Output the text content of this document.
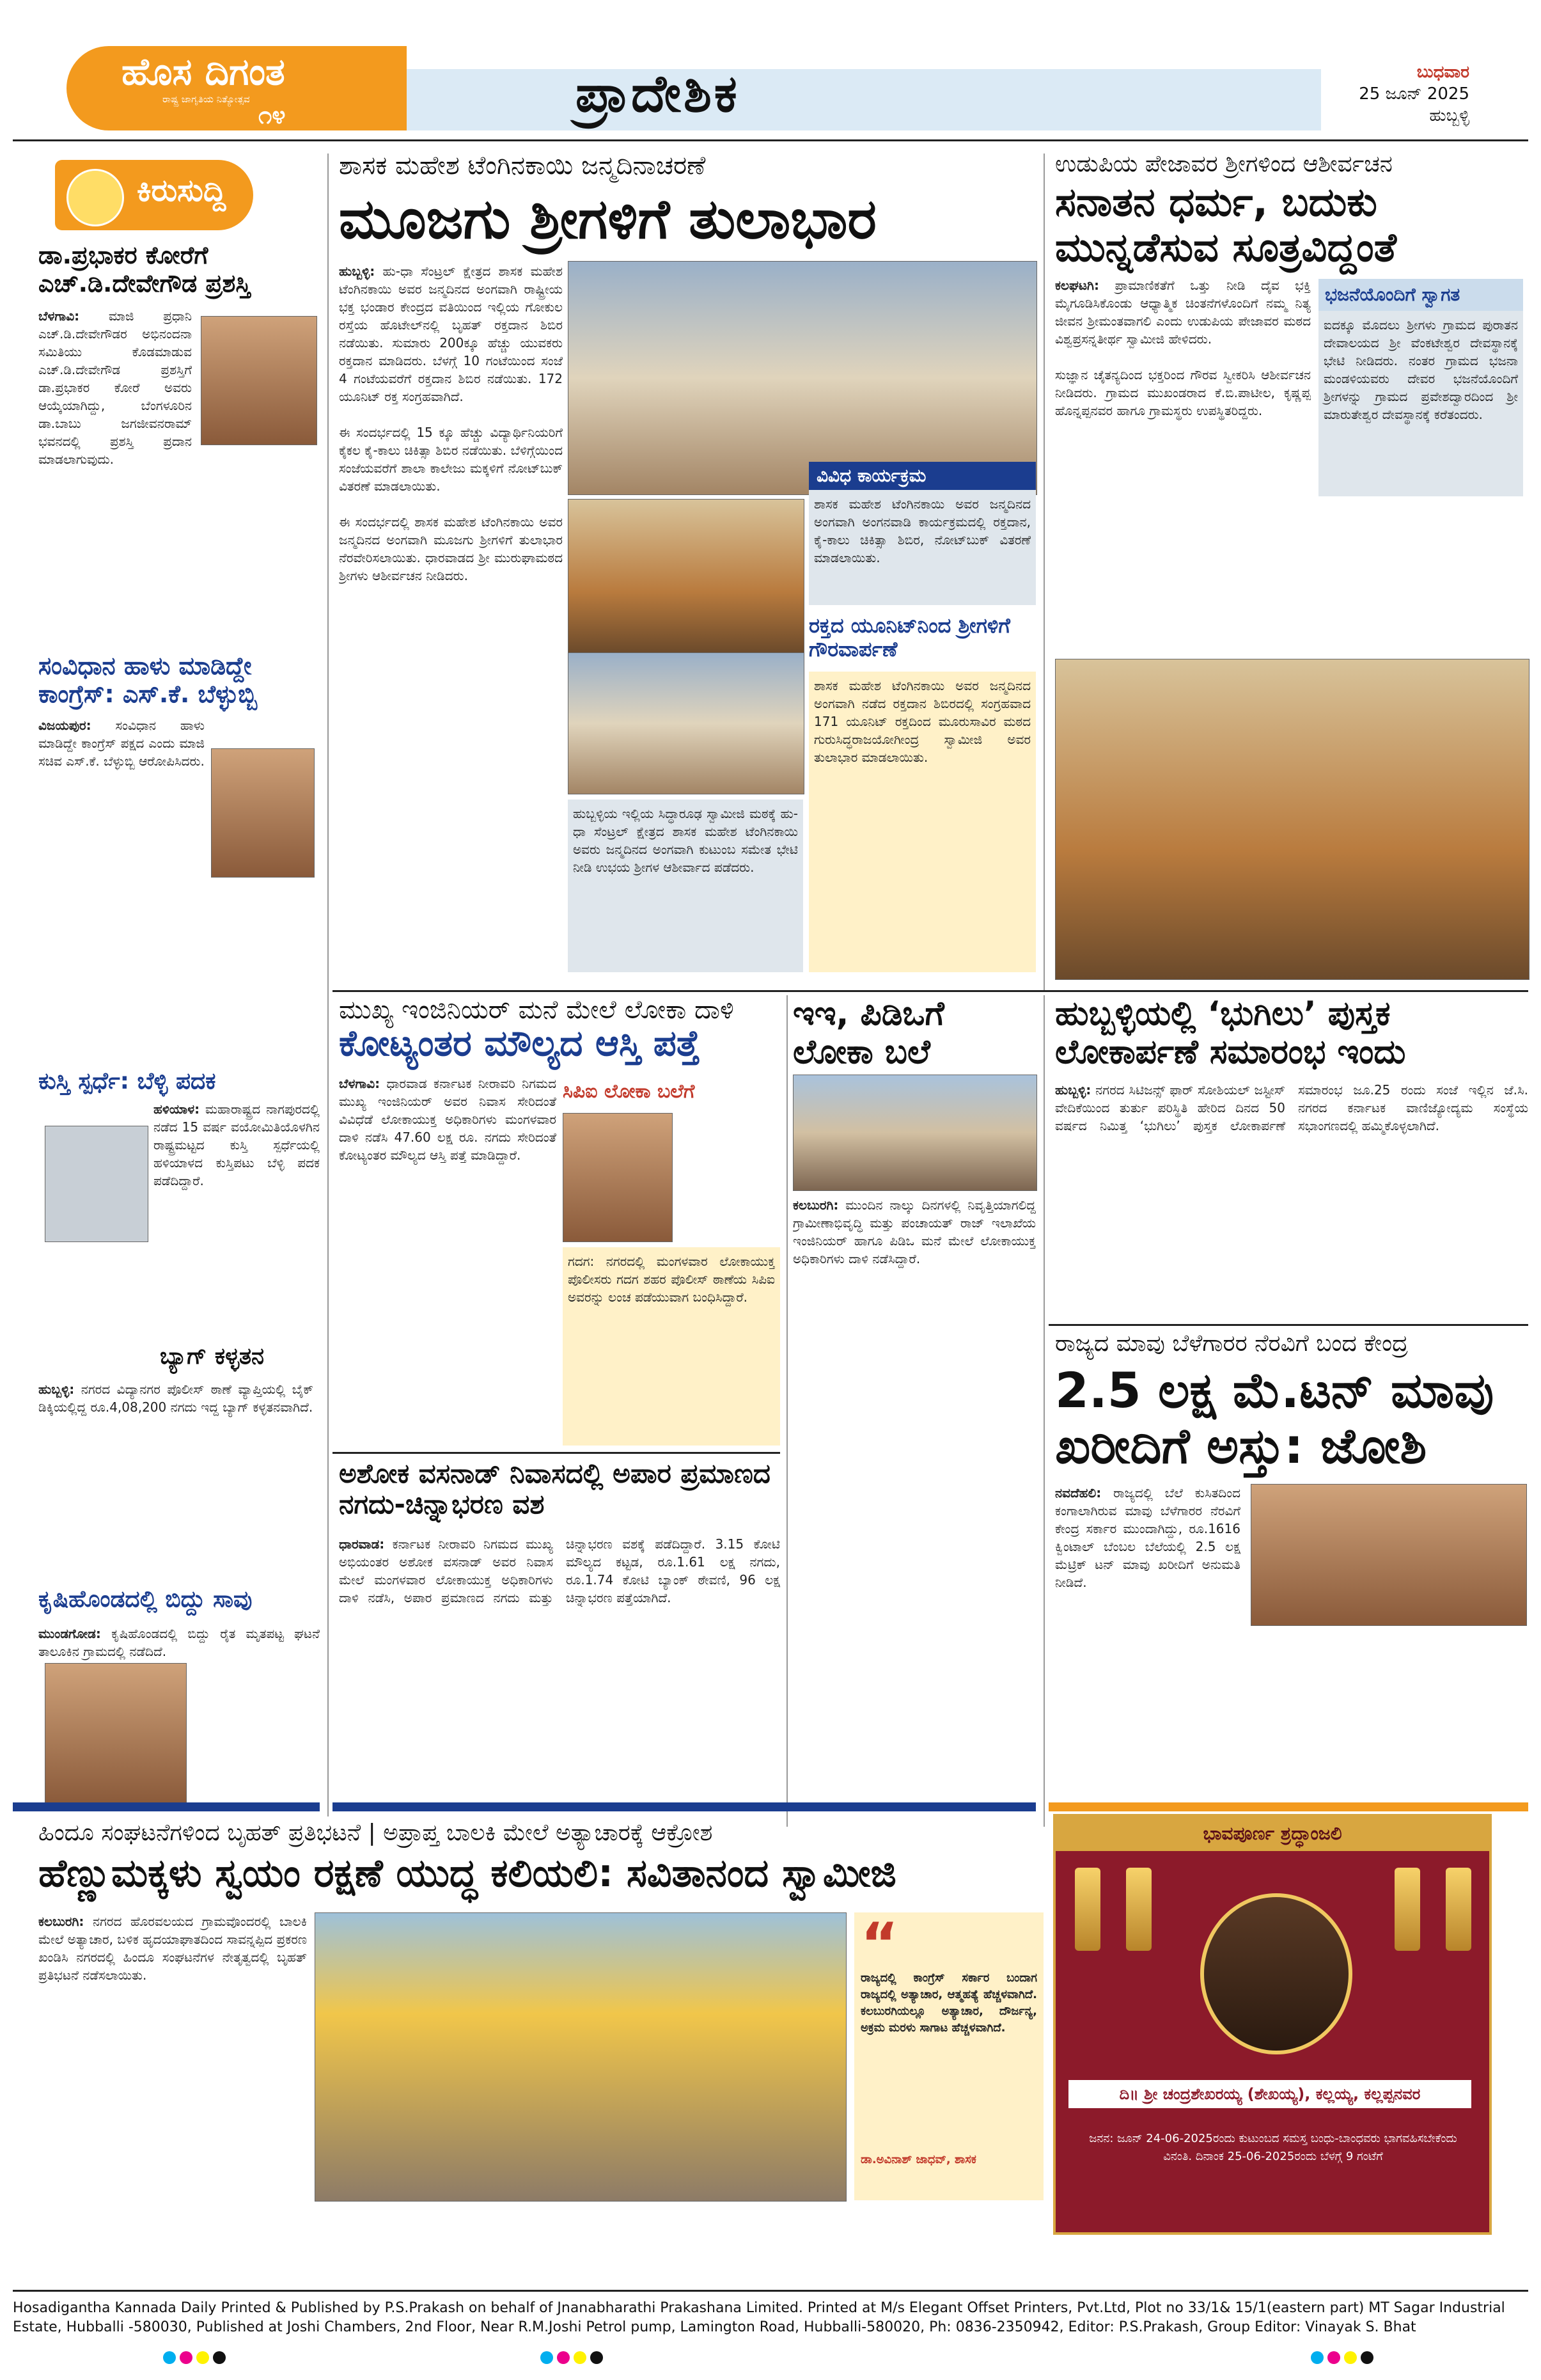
ಹೊಸ ದಿಗಂತ
ರಾಷ್ಟ್ರ ಜಾಗೃತಿಯ ನಿತ್ಯೋತ್ಸವ
೧೪	ಪ್ರಾದೇಶಿಕ	ಬುಧವಾರ
25 ಜೂನ್ 2025
ಹುಬ್ಬಳ್ಳಿ
ಕಿರುಸುದ್ದಿ
ಡಾ.ಪ್ರಭಾಕರ ಕೋರೆಗೆ ಎಚ್.ಡಿ.ದೇವೇಗೌಡ ಪ್ರಶಸ್ತಿ
ಬೆಳಗಾವಿ: ಮಾಜಿ ಪ್ರಧಾನಿ ಎಚ್.ಡಿ.ದೇವೇಗೌಡರ ಅಭಿನಂದನಾ ಸಮಿತಿಯು ಕೊಡಮಾಡುವ ಎಚ್.ಡಿ.ದೇವೇಗೌಡ ಪ್ರಶಸ್ತಿಗೆ ಡಾ.ಪ್ರಭಾಕರ ಕೋರೆ ಅವರು ಆಯ್ಕೆಯಾಗಿದ್ದು, ಬೆಂಗಳೂರಿನ ಡಾ.ಬಾಬು ಜಗಜೀವನರಾಮ್ ಭವನದಲ್ಲಿ ಪ್ರಶಸ್ತಿ ಪ್ರದಾನ ಮಾಡಲಾಗುವುದು.
ಸಂವಿಧಾನ ಹಾಳು ಮಾಡಿದ್ದೇ ಕಾಂಗ್ರೆಸ್: ಎಸ್.ಕೆ. ಬೆಳ್ಳುಬ್ಬಿ
ವಿಜಯಪುರ: ಸಂವಿಧಾನ ಹಾಳು ಮಾಡಿದ್ದೇ ಕಾಂಗ್ರೆಸ್ ಪಕ್ಷದ ಎಂದು ಮಾಜಿ ಸಚಿವ ಎಸ್.ಕೆ. ಬೆಳ್ಳುಬ್ಬಿ ಆರೋಪಿಸಿದರು.
ಕುಸ್ತಿ ಸ್ಪರ್ಧೆ: ಬೆಳ್ಳಿ ಪದಕ
ಹಳಿಯಾಳ: ಮಹಾರಾಷ್ಟ್ರದ ನಾಗಪುರದಲ್ಲಿ ನಡೆದ 15 ವರ್ಷ ವಯೋಮಿತಿಯೊಳಗಿನ ರಾಷ್ಟ್ರಮಟ್ಟದ ಕುಸ್ತಿ ಸ್ಪರ್ಧೆಯಲ್ಲಿ ಹಳಿಯಾಳದ ಕುಸ್ತಿಪಟು ಬೆಳ್ಳಿ ಪದಕ ಪಡೆದಿದ್ದಾರೆ.
ಬ್ಯಾಗ್ ಕಳ್ಳತನ
ಹುಬ್ಬಳ್ಳಿ: ನಗರದ ವಿದ್ಯಾನಗರ ಪೊಲೀಸ್ ಠಾಣೆ ವ್ಯಾಪ್ತಿಯಲ್ಲಿ ಬೈಕ್ ಡಿಕ್ಕಿಯಲ್ಲಿದ್ದ ರೂ.4,08,200 ನಗದು ಇದ್ದ ಬ್ಯಾಗ್ ಕಳ್ಳತನವಾಗಿದೆ.
ಕೃಷಿಹೊಂಡದಲ್ಲಿ ಬಿದ್ದು ಸಾವು
ಮುಂಡಗೋಡ: ಕೃಷಿಹೊಂಡದಲ್ಲಿ ಬಿದ್ದು ರೈತ ಮೃತಪಟ್ಟ ಘಟನೆ ತಾಲೂಕಿನ ಗ್ರಾಮದಲ್ಲಿ ನಡೆದಿದೆ.
ಶಾಸಕ ಮಹೇಶ ಟೆಂಗಿನಕಾಯಿ ಜನ್ಮದಿನಾಚರಣೆ
ಮೂಜಗು ಶ್ರೀಗಳಿಗೆ ತುಲಾಭಾರ
ಹುಬ್ಬಳ್ಳಿ: ಹು-ಧಾ ಸೆಂಟ್ರಲ್ ಕ್ಷೇತ್ರದ ಶಾಸಕ ಮಹೇಶ ಟೆಂಗಿನಕಾಯಿ ಅವರ ಜನ್ಮದಿನದ ಅಂಗವಾಗಿ ರಾಷ್ಟ್ರೀಯ ಭಕ್ತ ಭಂಡಾರ ಕೇಂದ್ರದ ವತಿಯಿಂದ ಇಲ್ಲಿಯ ಗೋಕುಲ ರಸ್ತೆಯ ಹೊಟೇಲ್‌ನಲ್ಲಿ ಬೃಹತ್ ರಕ್ತದಾನ ಶಿಬಿರ ನಡೆಯಿತು. ಸುಮಾರು 200ಕ್ಕೂ ಹೆಚ್ಚು ಯುವಕರು ರಕ್ತದಾನ ಮಾಡಿದರು. ಬೆಳಗ್ಗೆ 10 ಗಂಟೆಯಿಂದ ಸಂಜೆ 4 ಗಂಟೆಯವರೆಗೆ ರಕ್ತದಾನ ಶಿಬಿರ ನಡೆಯಿತು. 172 ಯೂನಿಟ್ ರಕ್ತ ಸಂಗ್ರಹವಾಗಿದೆ.

ಈ ಸಂದರ್ಭದಲ್ಲಿ 15 ಕ್ಕೂ ಹೆಚ್ಚು ವಿದ್ಯಾರ್ಥಿನಿಯರಿಗೆ ಕೈಕಲ ಕೈ-ಕಾಲು ಚಿಕಿತ್ಸಾ ಶಿಬಿರ ನಡೆಯಿತು. ಬೆಳಿಗ್ಗೆಯಿಂದ ಸಂಜೆಯವರೆಗೆ ಶಾಲಾ ಕಾಲೇಜು ಮಕ್ಕಳಿಗೆ ನೋಟ್‌ಬುಕ್ ವಿತರಣೆ ಮಾಡಲಾಯಿತು.

ಈ ಸಂದರ್ಭದಲ್ಲಿ ಶಾಸಕ ಮಹೇಶ ಟೆಂಗಿನಕಾಯಿ ಅವರ ಜನ್ಮದಿನದ ಅಂಗವಾಗಿ ಮೂಜಗು ಶ್ರೀಗಳಿಗೆ ತುಲಾಭಾರ ನೆರವೇರಿಸಲಾಯಿತು. ಧಾರವಾಡದ ಶ್ರೀ ಮುರುಘಾಮಠದ ಶ್ರೀಗಳು ಆಶೀರ್ವಚನ ನೀಡಿದರು.
ವಿವಿಧ ಕಾರ್ಯಕ್ರಮ
ಶಾಸಕ ಮಹೇಶ ಟೆಂಗಿನಕಾಯಿ ಅವರ ಜನ್ಮದಿನದ ಅಂಗವಾಗಿ ಅಂಗನವಾಡಿ ಕಾರ್ಯಕ್ರಮದಲ್ಲಿ ರಕ್ತದಾನ, ಕೈ-ಕಾಲು ಚಿಕಿತ್ಸಾ ಶಿಬಿರ, ನೋಟ್‌ಬುಕ್ ವಿತರಣೆ ಮಾಡಲಾಯಿತು.
ಹುಬ್ಬಳ್ಳಿಯ ಇಲ್ಲಿಯ ಸಿದ್ಧಾರೂಢ ಸ್ವಾಮೀಜಿ ಮಠಕ್ಕೆ ಹು-ಧಾ ಸೆಂಟ್ರಲ್ ಕ್ಷೇತ್ರದ ಶಾಸಕ ಮಹೇಶ ಟೆಂಗಿನಕಾಯಿ ಅವರು ಜನ್ಮದಿನದ ಅಂಗವಾಗಿ ಕುಟುಂಬ ಸಮೇತ ಭೇಟಿ ನೀಡಿ ಉಭಯ ಶ್ರೀಗಳ ಆಶೀರ್ವಾದ ಪಡೆದರು.
ರಕ್ತದ ಯೂನಿಟ್‌ನಿಂದ ಶ್ರೀಗಳಿಗೆ ಗೌರವಾರ್ಪಣೆ
ಶಾಸಕ ಮಹೇಶ ಟೆಂಗಿನಕಾಯಿ ಅವರ ಜನ್ಮದಿನದ ಅಂಗವಾಗಿ ನಡೆದ ರಕ್ತದಾನ ಶಿಬಿರದಲ್ಲಿ ಸಂಗ್ರಹವಾದ 171 ಯೂನಿಟ್ ರಕ್ತದಿಂದ ಮೂರುಸಾವಿರ ಮಠದ ಗುರುಸಿದ್ಧರಾಜಯೋಗೀಂದ್ರ ಸ್ವಾಮೀಜಿ ಅವರ ತುಲಾಭಾರ ಮಾಡಲಾಯಿತು.
ಉಡುಪಿಯ ಪೇಜಾವರ ಶ್ರೀಗಳಿಂದ ಆಶೀರ್ವಚನ
ಸನಾತನ ಧರ್ಮ, ಬದುಕು ಮುನ್ನಡೆಸುವ ಸೂತ್ರವಿದ್ದಂತೆ
ಕಲಘಟಗಿ: ಪ್ರಾಮಾಣಿಕತೆಗೆ ಒತ್ತು ನೀಡಿ ದೈವ ಭಕ್ತಿ ಮೈಗೂಡಿಸಿಕೊಂಡು ಆಧ್ಯಾತ್ಮಿಕ ಚಿಂತನೆಗಳೊಂದಿಗೆ ನಮ್ಮ ನಿತ್ಯ ಜೀವನ ಶ್ರೀಮಂತವಾಗಲಿ ಎಂದು ಉಡುಪಿಯ ಪೇಜಾವರ ಮಠದ ವಿಶ್ವಪ್ರಸನ್ನತೀರ್ಥ ಸ್ವಾಮೀಜಿ ಹೇಳಿದರು.

ಸುಜ್ಞಾನ ಚೈತನ್ಯದಿಂದ ಭಕ್ತರಿಂದ ಗೌರವ ಸ್ವೀಕರಿಸಿ ಆಶೀರ್ವಚನ ನೀಡಿದರು. ಗ್ರಾಮದ ಮುಖಂಡರಾದ ಕೆ.ಬಿ.ಪಾಟೀಲ, ಕೃಷ್ಣಪ್ಪ ಹೊನ್ನಪ್ಪನವರ ಹಾಗೂ ಗ್ರಾಮಸ್ಥರು ಉಪಸ್ಥಿತರಿದ್ದರು.
ಭಜನೆಯೊಂದಿಗೆ ಸ್ವಾಗತ
ಐದಕ್ಕೂ ಮೊದಲು ಶ್ರೀಗಳು ಗ್ರಾಮದ ಪುರಾತನ ದೇವಾಲಯದ ಶ್ರೀ ವೆಂಕಟೇಶ್ವರ ದೇವಸ್ಥಾನಕ್ಕೆ ಭೇಟಿ ನೀಡಿದರು. ನಂತರ ಗ್ರಾಮದ ಭಜನಾ ಮಂಡಳಿಯವರು ದೇವರ ಭಜನೆಯೊಂದಿಗೆ ಶ್ರೀಗಳನ್ನು ಗ್ರಾಮದ ಪ್ರವೇಶದ್ವಾರದಿಂದ ಶ್ರೀ ಮಾರುತೇಶ್ವರ ದೇವಸ್ಥಾನಕ್ಕೆ ಕರೆತಂದರು.
ಮುಖ್ಯ ಇಂಜಿನಿಯರ್ ಮನೆ ಮೇಲೆ ಲೋಕಾ ದಾಳಿ
ಕೋಟ್ಯಂತರ ಮೌಲ್ಯದ ಆಸ್ತಿ ಪತ್ತೆ
ಬೆಳಗಾವಿ: ಧಾರವಾಡ ಕರ್ನಾಟಕ ನೀರಾವರಿ ನಿಗಮದ ಮುಖ್ಯ ಇಂಜಿನಿಯರ್ ಅವರ ನಿವಾಸ ಸೇರಿದಂತೆ ವಿವಿಧೆಡೆ ಲೋಕಾಯುಕ್ತ ಅಧಿಕಾರಿಗಳು ಮಂಗಳವಾರ ದಾಳಿ ನಡೆಸಿ 47.60 ಲಕ್ಷ ರೂ. ನಗದು ಸೇರಿದಂತೆ ಕೋಟ್ಯಂತರ ಮೌಲ್ಯದ ಆಸ್ತಿ ಪತ್ತೆ ಮಾಡಿದ್ದಾರೆ.
ಸಿಪಿಐ ಲೋಕಾ ಬಲೆಗೆ
ಗದಗ: ನಗರದಲ್ಲಿ ಮಂಗಳವಾರ ಲೋಕಾಯುಕ್ತ ಪೊಲೀಸರು ಗದಗ ಶಹರ ಪೊಲೀಸ್ ಠಾಣೆಯ ಸಿಪಿಐ ಅವರನ್ನು ಲಂಚ ಪಡೆಯುವಾಗ ಬಂಧಿಸಿದ್ದಾರೆ.
ಇಇ, ಪಿಡಿಒಗೆ ಲೋಕಾ ಬಲೆ
ಕಲಬುರಗಿ: ಮುಂದಿನ ನಾಲ್ಕು ದಿನಗಳಲ್ಲಿ ನಿವೃತ್ತಿಯಾಗಲಿದ್ದ ಗ್ರಾಮೀಣಾಭಿವೃದ್ಧಿ ಮತ್ತು ಪಂಚಾಯತ್ ರಾಜ್ ಇಲಾಖೆಯ ಇಂಜಿನಿಯರ್ ಹಾಗೂ ಪಿಡಿಒ ಮನೆ ಮೇಲೆ ಲೋಕಾಯುಕ್ತ ಅಧಿಕಾರಿಗಳು ದಾಳಿ ನಡೆಸಿದ್ದಾರೆ.
ಅಶೋಕ ವಸನಾಡ್ ನಿವಾಸದಲ್ಲಿ ಅಪಾರ ಪ್ರಮಾಣದ ನಗದು-ಚಿನ್ನಾಭರಣ ವಶ
ಧಾರವಾಡ: ಕರ್ನಾಟಕ ನೀರಾವರಿ ನಿಗಮದ ಮುಖ್ಯ ಅಭಿಯಂತರ ಅಶೋಕ ವಸನಾಡ್ ಅವರ ನಿವಾಸ ಮೇಲೆ ಮಂಗಳವಾರ ಲೋಕಾಯುಕ್ತ ಅಧಿಕಾರಿಗಳು ದಾಳಿ ನಡೆಸಿ, ಅಪಾರ ಪ್ರಮಾಣದ ನಗದು ಮತ್ತು ಚಿನ್ನಾಭರಣ ವಶಕ್ಕೆ ಪಡೆದಿದ್ದಾರೆ. 3.15 ಕೋಟಿ ಮೌಲ್ಯದ ಕಟ್ಟಡ, ರೂ.1.61 ಲಕ್ಷ ನಗದು, ರೂ.1.74 ಕೋಟಿ ಬ್ಯಾಂಕ್ ಠೇವಣಿ, 96 ಲಕ್ಷ ಚಿನ್ನಾಭರಣ ಪತ್ತೆಯಾಗಿದೆ.
ಹುಬ್ಬಳ್ಳಿಯಲ್ಲಿ ‘ಭುಗಿಲು’ ಪುಸ್ತಕ ಲೋಕಾರ್ಪಣೆ ಸಮಾರಂಭ ಇಂದು
ಹುಬ್ಬಳ್ಳಿ: ನಗರದ ಸಿಟಿಜನ್ಸ್ ಫಾರ್ ಸೋಶಿಯಲ್ ಜಸ್ಟೀಸ್ ವೇದಿಕೆಯಿಂದ ತುರ್ತು ಪರಿಸ್ಥಿತಿ ಹೇರಿದ ದಿನದ 50 ವರ್ಷದ ನಿಮಿತ್ತ ‘ಭುಗಿಲು’ ಪುಸ್ತಕ ಲೋಕಾರ್ಪಣೆ ಸಮಾರಂಭ ಜೂ.25 ರಂದು ಸಂಜೆ ಇಲ್ಲಿನ ಜೆ.ಸಿ. ನಗರದ ಕರ್ನಾಟಕ ವಾಣಿಜ್ಯೋದ್ಯಮ ಸಂಸ್ಥೆಯ ಸಭಾಂಗಣದಲ್ಲಿ ಹಮ್ಮಿಕೊಳ್ಳಲಾಗಿದೆ.
ರಾಜ್ಯದ ಮಾವು ಬೆಳೆಗಾರರ ನೆರವಿಗೆ ಬಂದ ಕೇಂದ್ರ
2.5 ಲಕ್ಷ ಮೆ.ಟನ್ ಮಾವು ಖರೀದಿಗೆ ಅಸ್ತು: ಜೋಶಿ
ನವದೆಹಲಿ: ರಾಜ್ಯದಲ್ಲಿ ಬೆಲೆ ಕುಸಿತದಿಂದ ಕಂಗಾಲಾಗಿರುವ ಮಾವು ಬೆಳೆಗಾರರ ನೆರವಿಗೆ ಕೇಂದ್ರ ಸರ್ಕಾರ ಮುಂದಾಗಿದ್ದು, ರೂ.1616 ಕ್ವಿಂಟಾಲ್ ಬೆಂಬಲ ಬೆಲೆಯಲ್ಲಿ 2.5 ಲಕ್ಷ ಮೆಟ್ರಿಕ್ ಟನ್ ಮಾವು ಖರೀದಿಗೆ ಅನುಮತಿ ನೀಡಿದೆ.
ಹಿಂದೂ ಸಂಘಟನೆಗಳಿಂದ ಬೃಹತ್ ಪ್ರತಿಭಟನೆ | ಅಪ್ರಾಪ್ತ ಬಾಲಕಿ ಮೇಲೆ ಅತ್ಯಾಚಾರಕ್ಕೆ ಆಕ್ರೋಶ
ಹೆಣ್ಣುಮಕ್ಕಳು ಸ್ವಯಂ ರಕ್ಷಣೆ ಯುದ್ಧ ಕಲಿಯಲಿ: ಸವಿತಾನಂದ ಸ್ವಾಮೀಜಿ
ಕಲಬುರಗಿ: ನಗರದ ಹೊರವಲಯದ ಗ್ರಾಮವೊಂದರಲ್ಲಿ ಬಾಲಕಿ ಮೇಲೆ ಅತ್ಯಾಚಾರ, ಬಳಿಕ ಹೃದಯಾಘಾತದಿಂದ ಸಾವನ್ನಪ್ಪಿದ ಪ್ರಕರಣ ಖಂಡಿಸಿ ನಗರದಲ್ಲಿ ಹಿಂದೂ ಸಂಘಟನೆಗಳ ನೇತೃತ್ವದಲ್ಲಿ ಬೃಹತ್ ಪ್ರತಿಭಟನೆ ನಡೆಸಲಾಯಿತು.	“
ರಾಜ್ಯದಲ್ಲಿ ಕಾಂಗ್ರೆಸ್ ಸರ್ಕಾರ ಬಂದಾಗ ರಾಜ್ಯದಲ್ಲಿ ಅತ್ಯಾಚಾರ, ಆತ್ಮಹತ್ಯೆ ಹೆಚ್ಚಳವಾಗಿದೆ. ಕಲಬುರಗಿಯಲ್ಲೂ ಅತ್ಯಾಚಾರ, ದೌರ್ಜನ್ಯ, ಅಕ್ರಮ ಮರಳು ಸಾಗಾಟ ಹೆಚ್ಚಳವಾಗಿದೆ.
ಡಾ.ಅವಿನಾಶ್ ಜಾಧವ್, ಶಾಸಕ
ಭಾವಪೂರ್ಣ ಶ್ರದ್ಧಾಂಜಲಿ
ದಿ॥ ಶ್ರೀ ಚಂದ್ರಶೇಖರಯ್ಯ (ಶೇಖಯ್ಯ), ಕಲ್ಲಯ್ಯ, ಕಲ್ಲಪ್ಪನವರ
ಜನನ: ಜೂನ್ 24-06-2025ರಂದು ಕುಟುಂಬದ ಸಮಸ್ತ ಬಂಧು-ಬಾಂಧವರು ಭಾಗವಹಿಸಬೇಕೆಂದು ವಿನಂತಿ. ದಿನಾಂಕ 25-06-2025ರಂದು ಬೆಳಗ್ಗೆ 9 ಗಂಟೆಗೆ
Hosadigantha Kannada Daily Printed & Published by P.S.Prakash on behalf of Jnanabharathi Prakashana Limited. Printed at M/s Elegant Offset Printers, Pvt.Ltd, Plot no 33/1& 15/1(eastern part) MT Sagar Industrial Estate, Hubballi -580030, Published at Joshi Chambers, 2nd Floor, Near R.M.Joshi Petrol pump, Lamington Road, Hubballi-580020, Ph: 0836-2350942, Editor: P.S.Prakash, Group Editor: Vinayak S. Bhat
